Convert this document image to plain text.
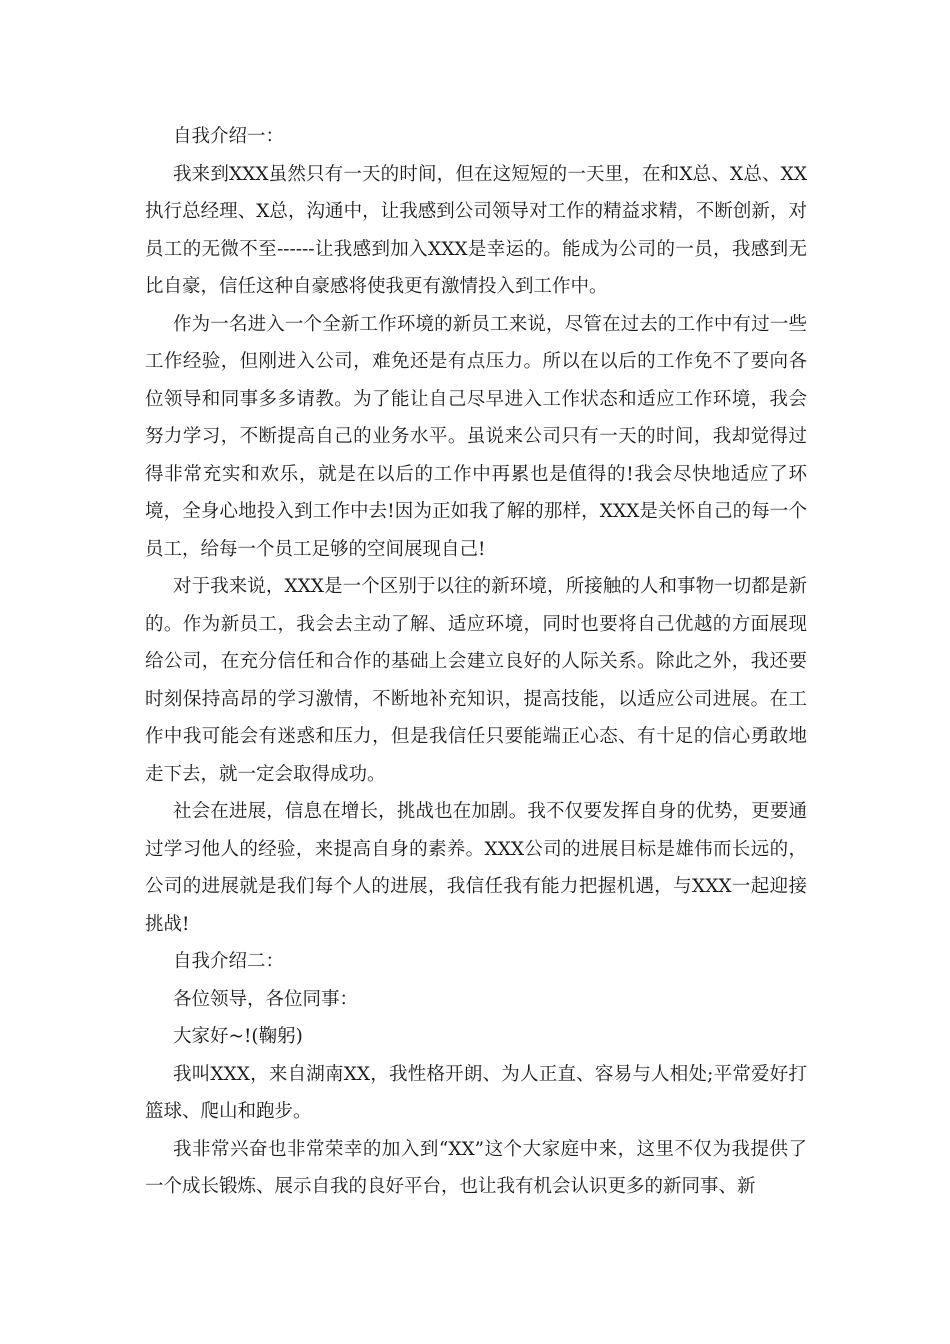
自我介绍一：

我来到XXX虽然只有一天的时间，但在这短短的一天里，在和X总、X总、XX执行总经理、X总，沟通中，让我感到公司领导对工作的精益求精，不断创新，对员工的无微不至------让我感到加入XXX是幸运的。能成为公司的一员，我感到无比自豪，信任这种自豪感将使我更有激情投入到工作中。

作为一名进入一个全新工作环境的新员工来说，尽管在过去的工作中有过一些工作经验，但刚进入公司，难免还是有点压力。所以在以后的工作免不了要向各位领导和同事多多请教。为了能让自己尽早进入工作状态和适应工作环境，我会努力学习，不断提高自己的业务水平。虽说来公司只有一天的时间，我却觉得过得非常充实和欢乐，就是在以后的工作中再累也是值得的!我会尽快地适应了环境，全身心地投入到工作中去!因为正如我了解的那样，XXX是关怀自己的每一个员工，给每一个员工足够的空间展现自己!

对于我来说，XXX是一个区别于以往的新环境，所接触的人和事物一切都是新的。作为新员工，我会去主动了解、适应环境，同时也要将自己优越的方面展现给公司，在充分信任和合作的基础上会建立良好的人际关系。除此之外，我还要时刻保持高昂的学习激情，不断地补充知识，提高技能，以适应公司进展。在工作中我可能会有迷惑和压力，但是我信任只要能端正心态、有十足的信心勇敢地走下去，就一定会取得成功。

社会在进展，信息在增长，挑战也在加剧。我不仅要发挥自身的优势，更要通过学习他人的经验，来提高自身的素养。XXX公司的进展目标是雄伟而长远的，公司的进展就是我们每个人的进展，我信任我有能力把握机遇，与XXX一起迎接挑战!

自我介绍二：

各位领导，各位同事：

大家好~!(鞠躬)

我叫XXX，来自湖南XX，我性格开朗、为人正直、容易与人相处;平常爱好打篮球、爬山和跑步。

我非常兴奋也非常荣幸的加入到“XX”这个大家庭中来，这里不仅为我提供了一个成长锻炼、展示自我的良好平台，也让我有机会认识更多的新同事、新
